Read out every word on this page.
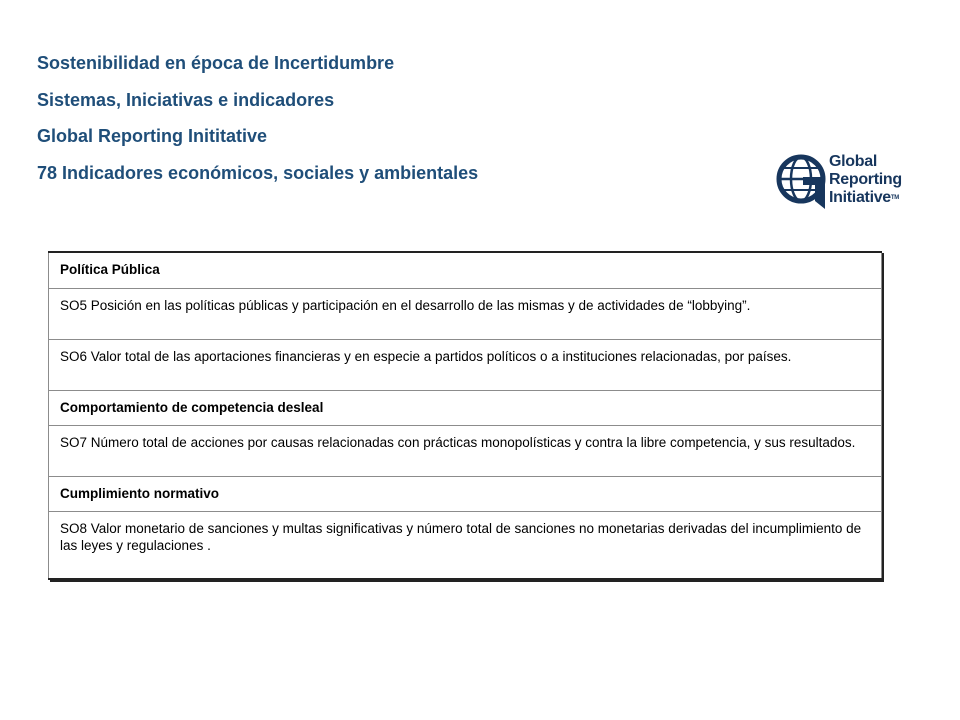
Sostenibilidad en época de Incertidumbre
Sistemas, Iniciativas e indicadores
Global Reporting Inititative
78 Indicadores económicos, sociales y ambientales
Global
Reporting
Initiative™
Política Pública
SO5 Posición en las políticas públicas y participación en el desarrollo de las mismas y de actividades de “lobbying”.
SO6 Valor total de las aportaciones financieras y en especie a partidos políticos o a instituciones relacionadas, por países.
Comportamiento de competencia desleal
SO7 Número total de acciones por causas relacionadas con prácticas monopolísticas y contra la libre competencia, y sus resultados.
Cumplimiento normativo
SO8 Valor monetario de sanciones y multas significativas y número total de sanciones no monetarias derivadas del incumplimiento de las leyes y regulaciones .
